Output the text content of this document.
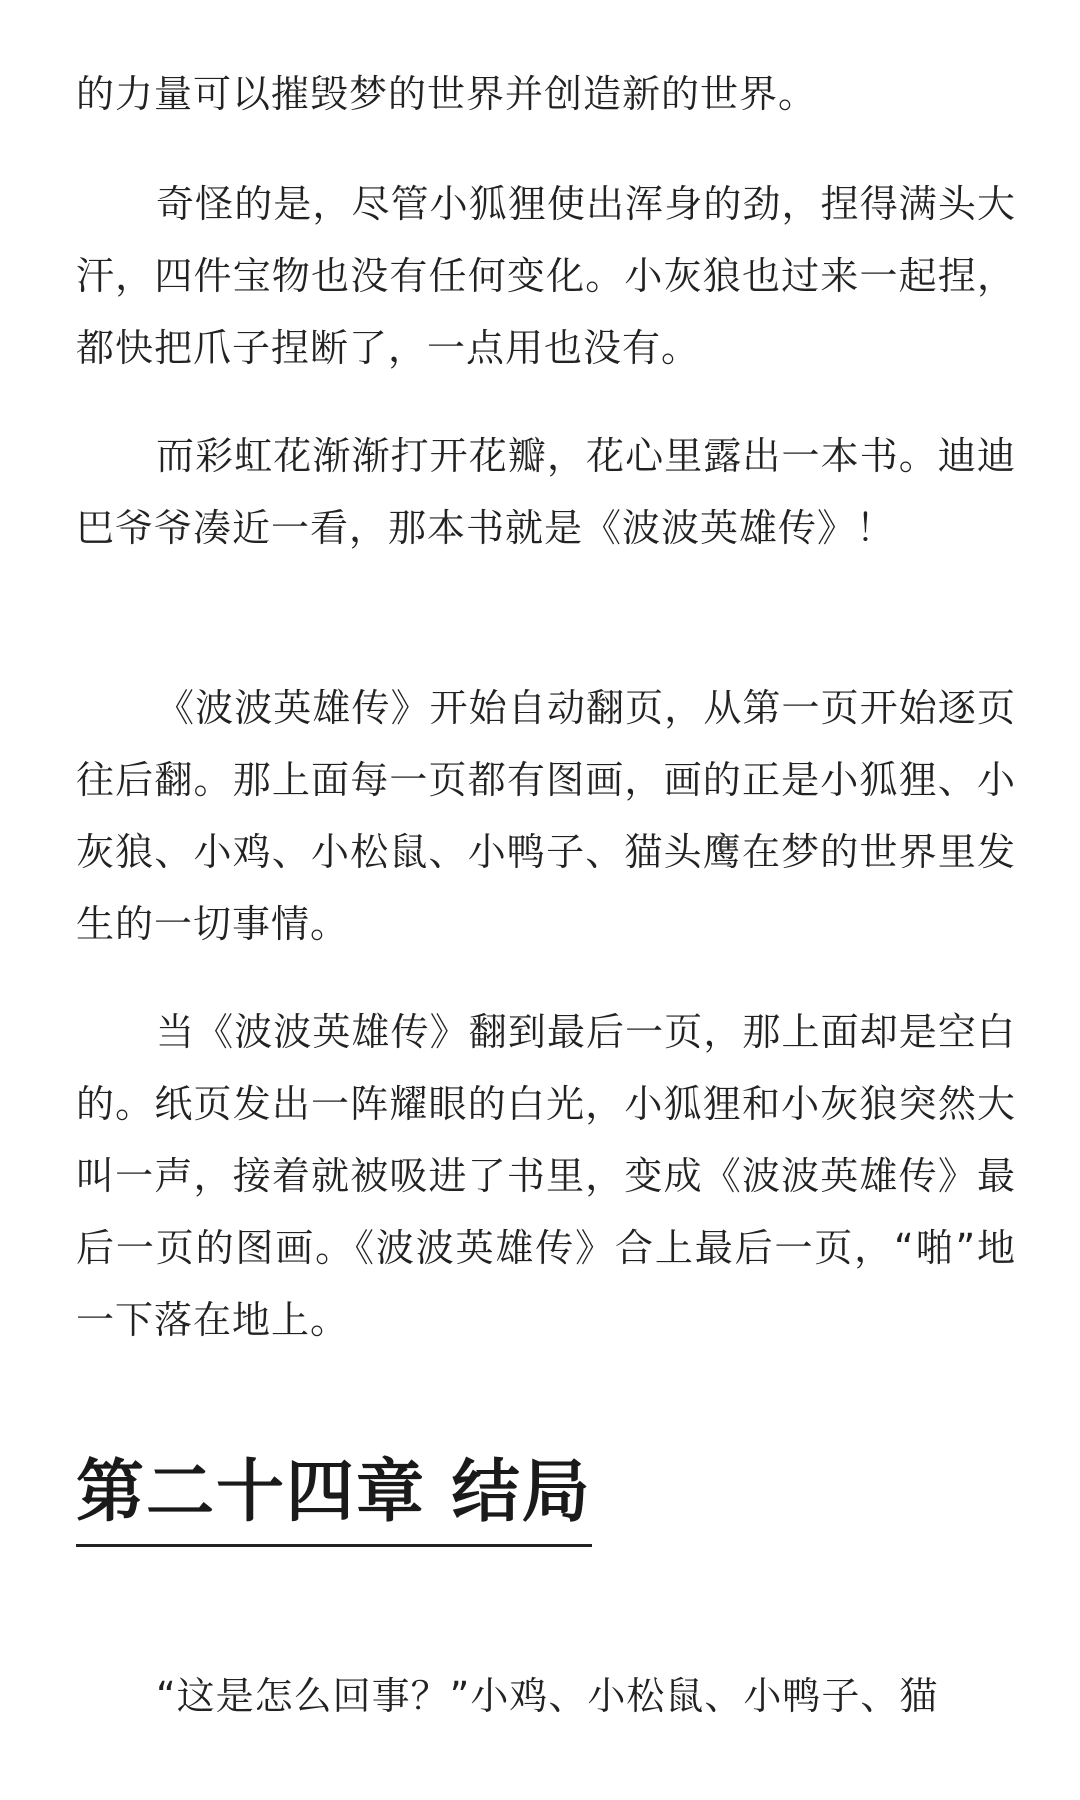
的力量可以摧毁梦的世界并创造新的世界。

奇怪的是，尽管小狐狸使出浑身的劲，捏得满头大汗，四件宝物也没有任何变化。小灰狼也过来一起捏，都快把爪子捏断了，一点用也没有。

而彩虹花渐渐打开花瓣，花心里露出一本书。迪迪巴爷爷凑近一看，那本书就是《波波英雄传》！

《波波英雄传》开始自动翻页，从第一页开始逐页往后翻。那上面每一页都有图画，画的正是小狐狸、小灰狼、小鸡、小松鼠、小鸭子、猫头鹰在梦的世界里发生的一切事情。

当《波波英雄传》翻到最后一页，那上面却是空白的。纸页发出一阵耀眼的白光，小狐狸和小灰狼突然大叫一声，接着就被吸进了书里，变成《波波英雄传》最后一页的图画。《波波英雄传》合上最后一页，“啪”地一下落在地上。

第二十四章 结局

“这是怎么回事？”小鸡、小松鼠、小鸭子、猫
